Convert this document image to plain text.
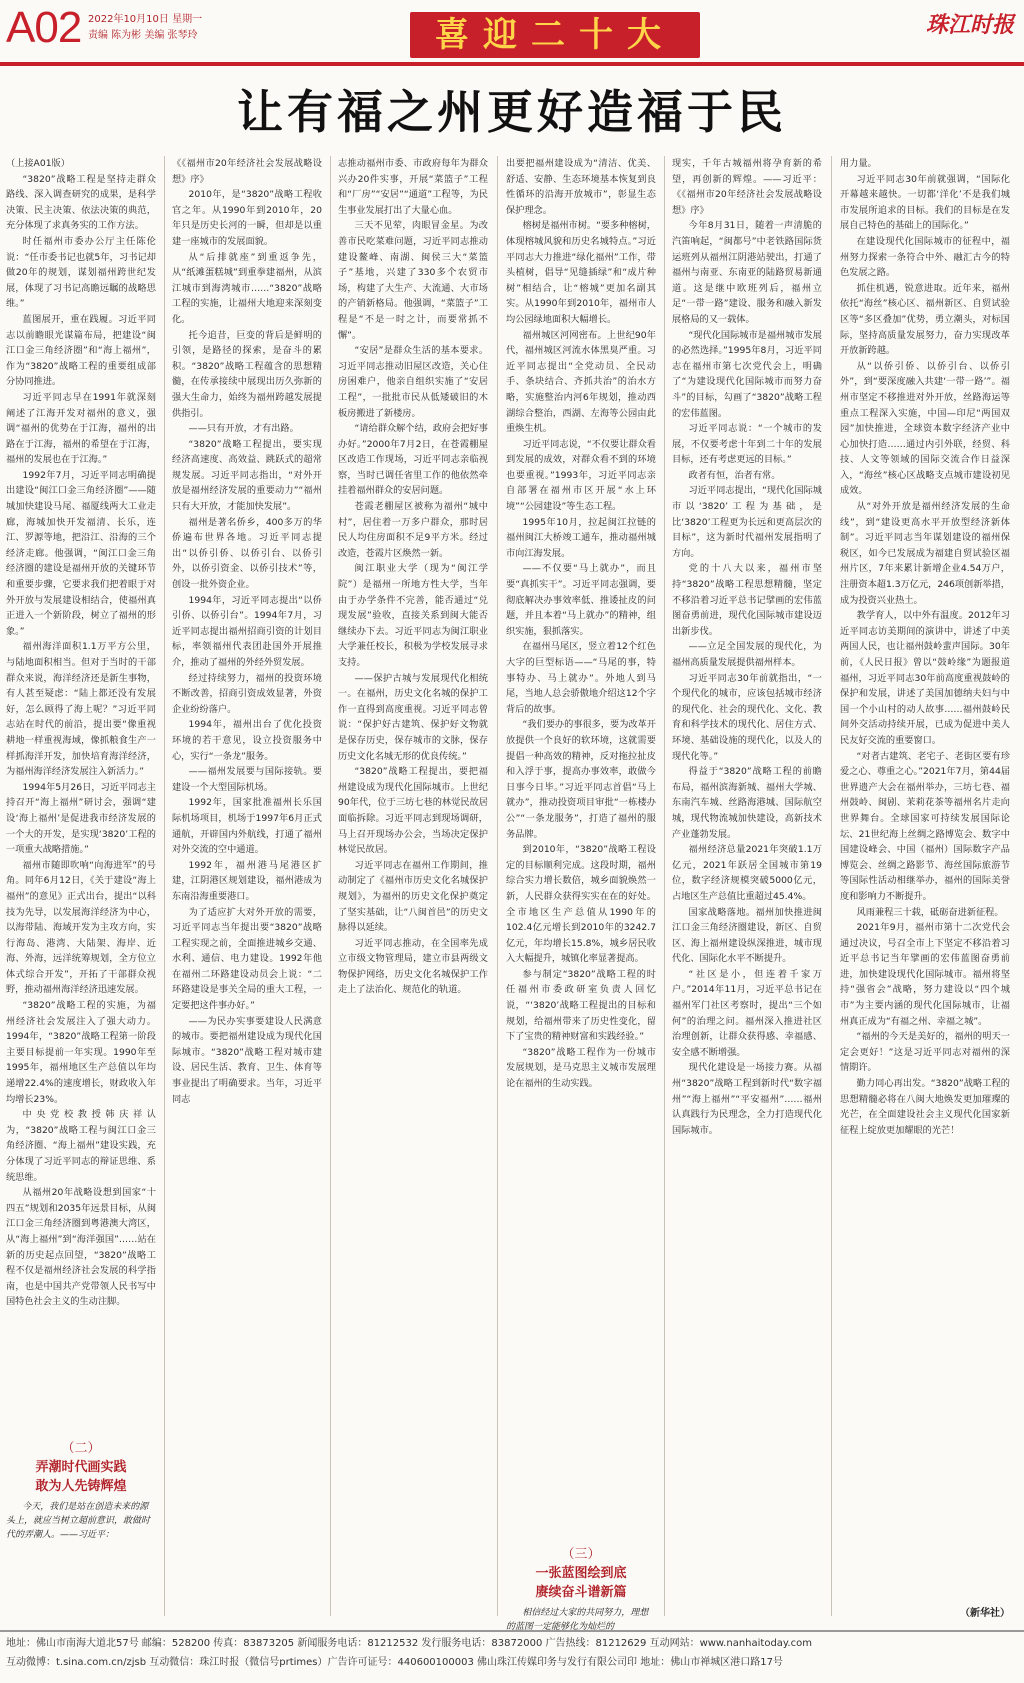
A02 2022年10月10日 星期一
责编 陈为彬 美编 张琴玲	喜迎二十大	珠江时报
让有福之州更好造福于民

（上接A01版）

“3820”战略工程是坚持走群众路线、深入调查研究的成果，是科学决策、民主决策、依法决策的典范，充分体现了求真务实的工作方法。

时任福州市委办公厅主任陈伦说：“任市委书记也就5年，习书记却做20年的规划，谋划福州跨世纪发展，体现了习书记高瞻远瞩的战略思维。”

蓝图展开，重在践履。习近平同志以前瞻眼光谋篇布局，把建设“闽江口金三角经济圈”和“海上福州”，作为“3820”战略工程的重要组成部分协同推进。

习近平同志早在1991年就深刻阐述了江海开发对福州的意义，强调“福州的优势在于江海，福州的出路在于江海，福州的希望在于江海，福州的发展也在于江海。”

1992年7月，习近平同志明确提出建设“闽江口金三角经济圈”——随城加快建设马尾、福厦线两大工业走廊，海城加快开发福清、长乐，连江、罗源等地，把沿江、沿海的三个经济走廊。他强调，“闽江口金三角经济圈的建设是福州开放的关键环节和重要步骤，它要求我们把着眼于对外开放与发展建设相结合，使福州真正进入一个新阶段，树立了福州的形象。”

福州海洋面积1.1万平方公里，与陆地面积相当。但对于当时的干部群众来说，海洋经济还是新生事物，有人甚至疑虑：“陆上都还没有发展好，怎么顾得了海上呢？”习近平同志站在时代的前沿，提出要“像重视耕地一样重视海域，像抓粮食生产一样抓海洋开发，加快培育海洋经济，为福州海洋经济发展注入新活力。”

1994年5月26日，习近平同志主持召开“海上福州”研讨会，强调“建设‘海上福州’是促进我市经济发展的一个大的开发，是实现‘3820’工程的一项重大战略措施。”

福州市随即吹响“向海进军”的号角。同年6月12日，《关于建设“海上福州”的意见》正式出台，提出“以科技为先导，以发展海洋经济为中心，以海带陆、海域开发为主攻方向，实行海岛、港湾、大陆架、海岸、近海、外海，远洋统筹规划，全方位立体式综合开发”，开拓了干部群众视野，推动福州海洋经济迅速发展。

“3820”战略工程的实施，为福州经济社会发展注入了强大动力。1994年，“3820”战略工程第一阶段主要目标提前一年实现。1990年至1995年，福州地区生产总值以年均递增22.4%的速度增长，财政收入年均增长23%。

中央党校教授韩庆祥认为，“3820”战略工程与闽江口金三角经济圈、“海上福州”建设实践，充分体现了习近平同志的辩证思维、系统思维。

从福州20年战略设想到国家“十四五”规划和2035年远景目标，从闽江口金三角经济圈到粤港澳大湾区，从“海上福州”到“海洋强国”……站在新的历史起点回望，“3820”战略工程不仅是福州经济社会发展的科学指南，也是中国共产党带领人民书写中国特色社会主义的生动注脚。

《《福州市20年经济社会发展战略设想》序》

2010年，是“3820”战略工程收官之年。从1990年到2010年，20年只是历史长河的一瞬，但却是以重建一座城市的发展面貌。

从“后排就座”到重返争先，从“纸滩蛋糕城”到重拳建福州，从滨江城市到海湾城市……“3820”战略工程的实施，让福州大地迎来深刻变化。

托今追昔，巨变的背后是鲜明的引领，是路径的探索，是奋斗的累积。“3820”战略工程蕴含的思想精髓，在传承接续中展现出历久弥新的强大生命力，始终为福州跨越发展提供指引。

——只有开放，才有出路。

“3820”战略工程提出，要实现经济高速度、高效益、跳跃式的超常规发展。习近平同志指出，“对外开放是福州经济发展的重要动力”“福州只有大开放，才能加快发展”。

福州是著名侨乡，400多万的华侨遍布世界各地。习近平同志提出“以侨引侨、以侨引台、以侨引外，以侨引资金、以侨引技术”等，创设一批外资企业。

1994年，习近平同志提出“以侨引侨、以侨引台”。1994年7月，习近平同志提出福州招商引资的计划目标，率领福州代表团赴国外开展推介，推动了福州的外经外贸发展。

经过持续努力，福州的投资环境不断改善，招商引资成效显著，外资企业纷纷落户。

1994年，福州出台了优化投资环境的若干意见，设立投资服务中心，实行“一条龙”服务。

——福州发展要与国际接轨。要建设一个大型国际机场。

1992年，国家批准福州长乐国际机场项目，机场于1997年6月正式通航，开辟国内外航线，打通了福州对外交流的空中通道。

1992年，福州港马尾港区扩建，江阴港区规划建设，福州港成为东南沿海重要港口。

为了适应扩大对外开放的需要，习近平同志当年提出要“3820”战略工程实现之前，全面推进城乡交通、水利、通信、电力建设。1992年他在福州二环路建设动员会上说：“二环路建设是事关全局的重大工程，一定要把这件事办好。”

——为民办实事要建设人民满意的城市。要把福州建设成为现代化国际城市。“3820”战略工程对城市建设、居民生活、教育、卫生、体育等事业提出了明确要求。当年，习近平同志

志推动福州市委、市政府每年为群众兴办20件实事，开展“菜篮子”工程和“厂房”“安居”“通道”工程等，为民生事业发展打出了大量心血。

三天不见荤，肉眼冒金星。为改善市民吃菜难问题，习近平同志推动建设鳌峰、南湖、闽侯三大“菜篮子”基地，兴建了330多个农贸市场，构建了大生产、大流通、大市场的产销新格局。他强调，“菜篮子”工程是“不是一时之计，而要常抓不懈”。

“安居”是群众生活的基本要求。习近平同志推动旧屋区改造，关心住房困难户，他亲自组织实施了“安居工程”，一批批市民从低矮破旧的木板房搬进了新楼房。

“请给群众解个结，政府会把好事办好。”2000年7月2日，在苍霞棚屋区改造工作现场，习近平同志亲临视察，当时已调任省里工作的他依然牵挂着福州群众的安居问题。

苍霞老棚屋区被称为福州“城中村”，居住着一万多户群众，那时居民人均住房面积不足9平方米。经过改造，苍霞片区焕然一新。

闽江职业大学（现为“闽江学院”）是福州一所地方性大学，当年由于办学条件不完善，能否通过“兑现发展”验收，直接关系到闽大能否继续办下去。习近平同志为闽江职业大学兼任校长，积极为学校发展寻求支持。

——保护古城与发展现代化相统一。在福州，历史文化名城的保护工作一直得到高度重视。习近平同志曾说：“保护好古建筑、保护好文物就是保存历史，保存城市的文脉，保存历史文化名城无形的优良传统。”

“3820”战略工程提出，要把福州建设成为现代化国际城市。上世纪90年代，位于三坊七巷的林觉民故居面临拆除。习近平同志到现场调研，马上召开现场办公会，当场决定保护林觉民故居。

习近平同志在福州工作期间，推动制定了《福州市历史文化名城保护规划》，为福州的历史文化保护奠定了坚实基础，让“八闽首邑”的历史文脉得以延续。

习近平同志推动，在全国率先成立市级文物管理局，建立市县两级文物保护网络，历史文化名城保护工作走上了法治化、规范化的轨道。

出要把福州建设成为“清洁、优美、舒适、安静、生态环境基本恢复到良性循环的沿海开放城市”，彰显生态保护理念。

榕树是福州市树。“要多种榕树，体现榕城风貌和历史名城特点。”习近平同志大力推进“绿化福州”工作，带头植树，倡导“见缝插绿”和“成片种树”相结合，让“榕城”更加名副其实。从1990年到2010年，福州市人均公园绿地面积大幅增长。

福州城区河网密布。上世纪90年代，福州城区河流水体黑臭严重。习近平同志提出“全党动员、全民动手、条块结合、齐抓共治”的治水方略，实施整治内河6年规划，推动西湖综合整治，西湖、左海等公园由此重焕生机。

习近平同志说，“不仅要让群众看到发展的成效，对群众看不到的环境也要重视。”1993年，习近平同志亲自部署在福州市区开展“水上环境”“公园建设”等生态工程。

1995年10月，拉起闽江拉链的福州闽江大桥竣工通车，推动福州城市向江海发展。

——不仅要“马上就办”，而且要“真抓实干”。习近平同志强调，要彻底解决办事效率低、推诿扯皮的问题，并且本着“马上就办”的精神，组织实施，狠抓落实。

在福州马尾区，竖立着12个红色大字的巨型标语——“马尾的事，特事特办、马上就办”。外地人到马尾，当地人总会骄傲地介绍这12个字背后的故事。

“我们要办的事很多，要为改革开放提供一个良好的软环境，这就需要提倡一种高效的精神，反对拖拉扯皮和入浮于事，提高办事效率，敢做今日事今日毕。”习近平同志首倡“马上就办”，推动投资项目审批“一栋楼办公”“一条龙服务”，打造了福州的服务品牌。

到2010年，“3820”战略工程设定的目标顺利完成。这段时期，福州综合实力增长数倍，城乡面貌焕然一新，人民群众获得实实在在的好处。全市地区生产总值从1990年的102.4亿元增长到2010年的3242.7亿元，年均增长15.8%，城乡居民收入大幅提升，城镇化率显著提高。

参与制定“3820”战略工程的时任福州市委政研室负责人回忆说，“‘3820’战略工程提出的目标和规划，给福州带来了历史性变化，留下了宝贵的精神财富和实践经验。”

“3820”战略工程作为一份城市发展规划，是马克思主义城市发展理论在福州的生动实践。

现实，千年古城福州将孕育新的希望，再创新的辉煌。——习近平：《《福州市20年经济社会发展战略设想》序》

今年8月31日，随着一声清脆的汽笛响起，“闽都号”中老铁路国际货运班列从福州江阴港站驶出，打通了福州与南亚、东南亚的陆路贸易新通道。这是继中欧班列后，福州立足“一带一路”建设、服务和融入新发展格局的又一载体。

“现代化国际城市是福州城市发展的必然选择。”1995年8月，习近平同志在福州市第七次党代会上，明确了“为建设现代化国际城市而努力奋斗”的目标，勾画了“3820”战略工程的宏伟蓝图。

习近平同志说：“一个城市的发展，不仅要考虑十年到二十年的发展目标，还有考虑更远的目标。”

政者有恒，治者有常。

习近平同志提出，“现代化国际城市以‘3820’工程为基础，是比‘3820’工程更为长远和更高层次的目标”，这为新时代福州发展指明了方向。

党的十八大以来，福州市坚持“3820”战略工程思想精髓，坚定不移沿着习近平总书记擘画的宏伟蓝图奋勇前进，现代化国际城市建设迈出新步伐。

——立足全国发展的现代化，为福州高质量发展提供福州样本。

习近平同志30年前就指出，“一个现代化的城市，应该包括城市经济的现代化、社会的现代化、文化、教育和科学技术的现代化、居住方式、环境、基础设施的现代化，以及人的现代化等。”

得益于“3820”战略工程的前瞻布局，福州滨海新城、福州大学城、东南汽车城、丝路海港城、国际航空城，现代物流城加快建设，高新技术产业蓬勃发展。

福州经济总量2021年突破1.1万亿元，2021年跃居全国城市第19位，数字经济规模突破5000亿元，占地区生产总值比重超过45.4%。

国家战略落地。福州加快推进闽江口金三角经济圈建设，新区、自贸区、海上福州建设纵深推进，城市现代化、国际化水平不断提升。

“社区是小，但连着千家万户。”2014年11月，习近平总书记在福州军门社区考察时，提出“三个如何”的治理之问。福州深入推进社区治理创新，让群众获得感、幸福感、安全感不断增强。

现代化建设是一场接力赛。从福州“3820”战略工程到新时代“数字福州”“海上福州”“平安福州”……福州认真践行为民理念，全力打造现代化国际城市。

用力量。

习近平同志30年前就强调，“国际化开幕越来越快。一切都‘洋化’不是我们城市发展所追求的目标。我们的目标是在发展自己特色的基础上的国际化。”

在建设现代化国际城市的征程中，福州努力探索一条符合中外、融汇古今的特色发展之路。

抓住机遇，锐意进取。近年来，福州依托“海丝”核心区、福州新区、自贸试验区等“多区叠加”优势，勇立潮头，对标国际，坚持高质量发展努力，奋力实现改革开放新跨越。

从“以侨引侨、以侨引台、以侨引外”，到“要深度融入共建‘一带一路’”。福州市坚定不移推进对外开放，丝路海运等重点工程深入实施，中国—印尼“两国双园”加快推进，全球资本数字经济产业中心加快打造……通过内引外联，经贸、科技、人文等领域的国际交流合作日益深入，“海丝”核心区战略支点城市建设初见成效。

从“对外开放是福州经济发展的生命线”，到“建设更高水平开放型经济新体制”。习近平同志当年谋划建设的福州保税区，如今已发展成为福建自贸试验区福州片区，7年来累计新增企业4.54万户，注册资本超1.3万亿元，246项创新举措，成为投资兴业热土。

教学育人，以中外有温度。2012年习近平同志访美期间的演讲中，讲述了中美两国人民，也让福州鼓岭蜚声国际。30年前，《人民日报》曾以“鼓岭缘”为题报道福州，习近平同志30年前高度重视鼓岭的保护和发展，讲述了美国加德纳夫妇与中国一个小山村的动人故事……福州鼓岭民间外交活动持续开展，已成为促进中美人民友好交流的重要窗口。

“对者古建筑、老宅子、老街区要有珍爱之心、尊重之心。”2021年7月，第44届世界遗产大会在福州举办，三坊七巷、福州鼓岭、闽剧、茉莉花茶等福州名片走向世界舞台。全球国家可持续发展国际论坛、21世纪海上丝绸之路博览会、数字中国建设峰会、中国（福州）国际数字产品博览会、丝绸之路影节、海丝国际旅游节等国际性活动相继举办，福州的国际美誉度和影响力不断提升。

风雨兼程三十载，砥砺奋进新征程。

2021年9月，福州市第十二次党代会通过决议，号召全市上下坚定不移沿着习近平总书记当年擘画的宏伟蓝图奋勇前进，加快建设现代化国际城市。福州将坚持“强省会”战略，努力建设以“四个城市”为主要内涵的现代化国际城市，让福州真正成为“有福之州、幸福之城”。

“福州的今天是美好的，福州的明天一定会更好！”这是习近平同志对福州的深情期许。

勤力同心再出发。“3820”战略工程的思想精髓必将在八闽大地焕发更加璀璨的光芒，在全面建设社会主义现代化国家新征程上绽放更加耀眼的光芒！

（二）
弄潮时代画实践
敢为人先铸辉煌

今天，我们是站在创造未来的源头上，就应当树立超前意识，敢做时代的弄潮人。——习近平：

（三）
一张蓝图绘到底
赓续奋斗谱新篇

相信经过大家的共同努力，理想的蓝图一定能够化为灿烂的

（新华社）
地址：佛山市南海大道北57号 邮编：528200 传真：83873205 新闻服务电话：81212532 发行服务电话：83872000 广告热线：81212629 互动网站：www.nanhaitoday.com
互动微博：t.sina.com.cn/zjsb 互动微信：珠江时报（微信号prtimes）广告许可证号：440600100003 佛山珠江传媒印务与发行有限公司印 地址：佛山市禅城区港口路17号
